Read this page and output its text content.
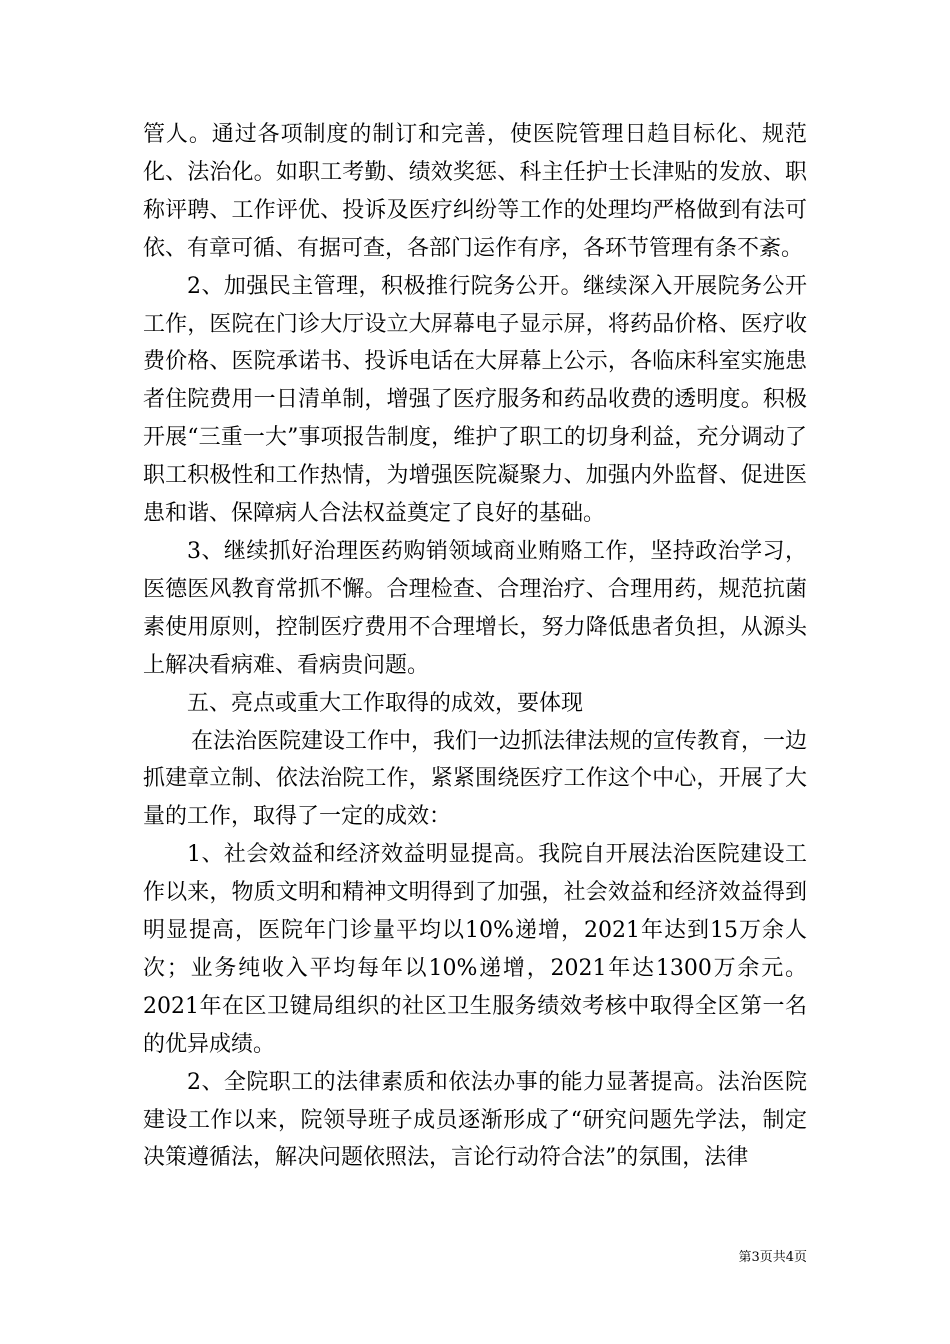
管人。通过各项制度的制订和完善，使医院管理日趋目标化、规范化、法治化。如职工考勤、绩效奖惩、科主任护士长津贴的发放、职称评聘、工作评优、投诉及医疗纠纷等工作的处理均严格做到有法可依、有章可循、有据可查，各部门运作有序，各环节管理有条不紊。

2、加强民主管理，积极推行院务公开。继续深入开展院务公开工作，医院在门诊大厅设立大屏幕电子显示屏，将药品价格、医疗收费价格、医院承诺书、投诉电话在大屏幕上公示，各临床科室实施患者住院费用一日清单制，增强了医疗服务和药品收费的透明度。积极开展“三重一大”事项报告制度，维护了职工的切身利益，充分调动了职工积极性和工作热情，为增强医院凝聚力、加强内外监督、促进医患和谐、保障病人合法权益奠定了良好的基础。

3、继续抓好治理医药购销领域商业贿赂工作，坚持政治学习，医德医风教育常抓不懈。合理检查、合理治疗、合理用药，规范抗菌素使用原则，控制医疗费用不合理增长，努力降低患者负担，从源头上解决看病难、看病贵问题。

五、亮点或重大工作取得的成效，要体现

在法治医院建设工作中，我们一边抓法律法规的宣传教育，一边抓建章立制、依法治院工作，紧紧围绕医疗工作这个中心，开展了大量的工作，取得了一定的成效：

1、社会效益和经济效益明显提高。我院自开展法治医院建设工作以来，物质文明和精神文明得到了加强，社会效益和经济效益得到明显提高，医院年门诊量平均以10%递增，2021年达到15万余人次；业务纯收入平均每年以10%递增，2021年达1300万余元。2021年在区卫键局组织的社区卫生服务绩效考核中取得全区第一名的优异成绩。

2、全院职工的法律素质和依法办事的能力显著提高。法治医院建设工作以来，院领导班子成员逐渐形成了“研究问题先学法，制定决策遵循法，解决问题依照法，言论行动符合法”的氛围，法律

第3页共4页
